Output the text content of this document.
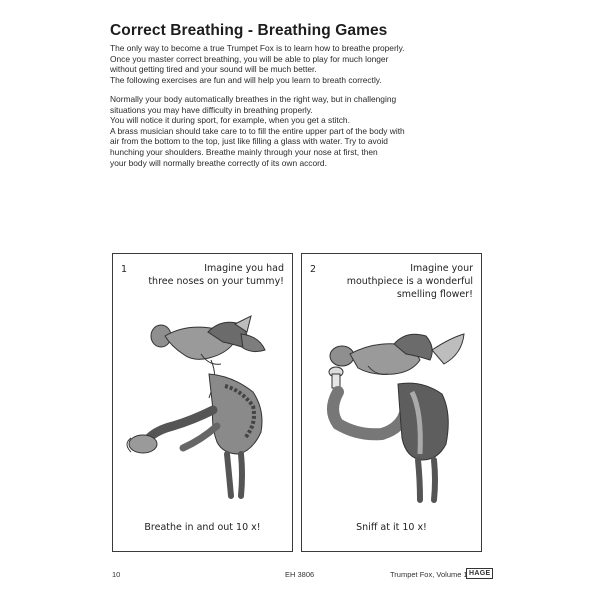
Correct Breathing - Breathing Games

The only way to become a true Trumpet Fox is to learn how to breathe properly.

Once you master correct breathing, you will be able to play for much longer

without getting tired and your sound will be much better.

The following exercises are fun and will help you learn to breath correctly.

Normally your body automatically breathes in the right way, but in challenging

situations you may have difficulty in breathing properly.

You will notice it during sport, for example, when you get a stitch.

A brass musician should take care to to fill the entire upper part of the body with

air from the bottom to the top, just like filling a glass with water. Try to avoid

hunching your shoulders. Breathe mainly through your nose at first, then

your body will normally breathe correctly of its own accord.

1	Imagine you had
three noses on your tummy!
Breathe in and out 10 x!
2	Imagine your
mouthpiece is a wonderful
smelling flower!
Sniff at it 10 x!
10	EH 3806	Trumpet Fox, Volume 1 HAGE
